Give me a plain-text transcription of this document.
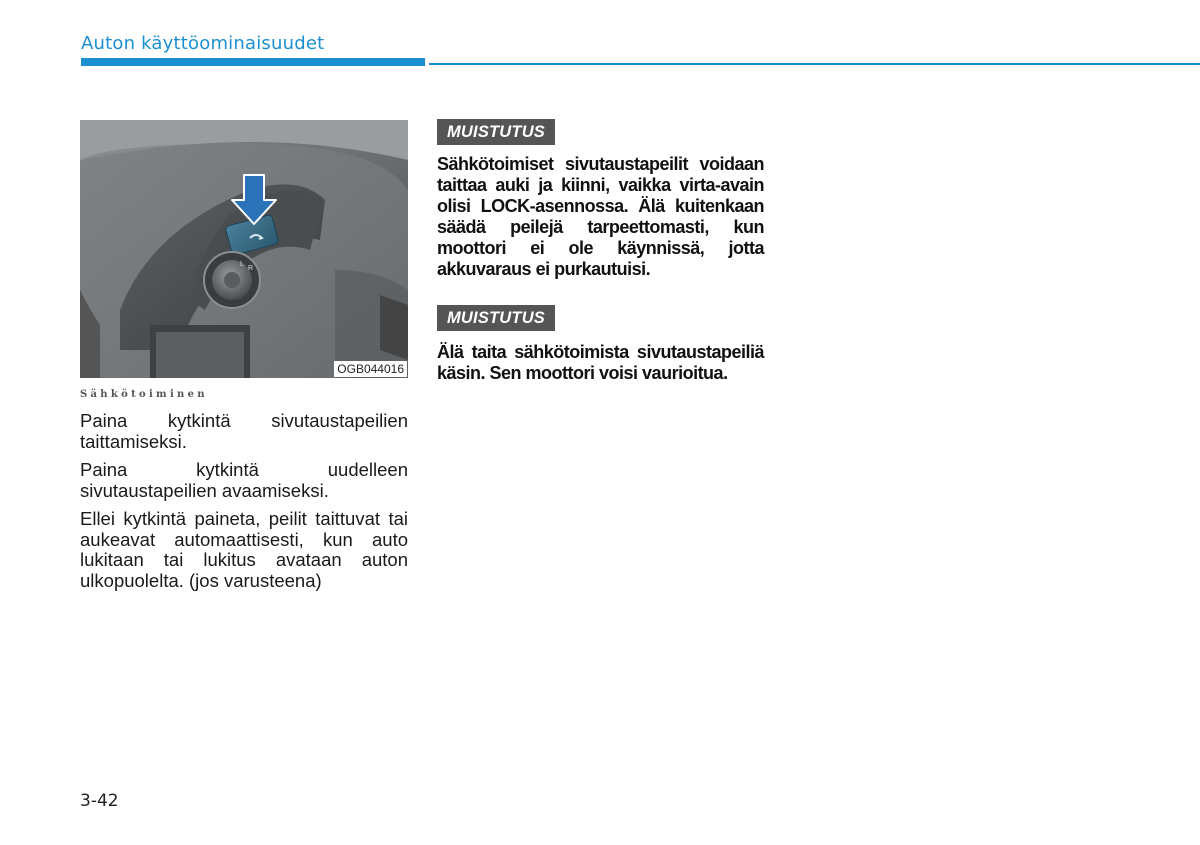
Auton käyttöominaisuudet
L
R
OGB044016
Sähkötoiminen

Paina kytkintä sivutaustapeilien taittamiseksi.

Paina kytkintä uudelleen sivutaustapeilien avaamiseksi.

Ellei kytkintä paineta, peilit taittuvat tai aukeavat automaattisesti, kun auto lukitaan tai lukitus avataan auton ulkopuolelta. (jos varusteena)

MUISTUTUS

Sähkötoimiset sivutaustapeilit voidaan taittaa auki ja kiinni, vaikka virta-avain olisi LOCK-asennossa. Älä kuitenkaan säädä peilejä tarpeettomasti, kun moottori ei ole käynnissä, jotta akkuvaraus ei purkautuisi.

MUISTUTUS

Älä taita sähkötoimista sivutaustapeiliä käsin. Sen moottori voisi vaurioitua.

3-42
